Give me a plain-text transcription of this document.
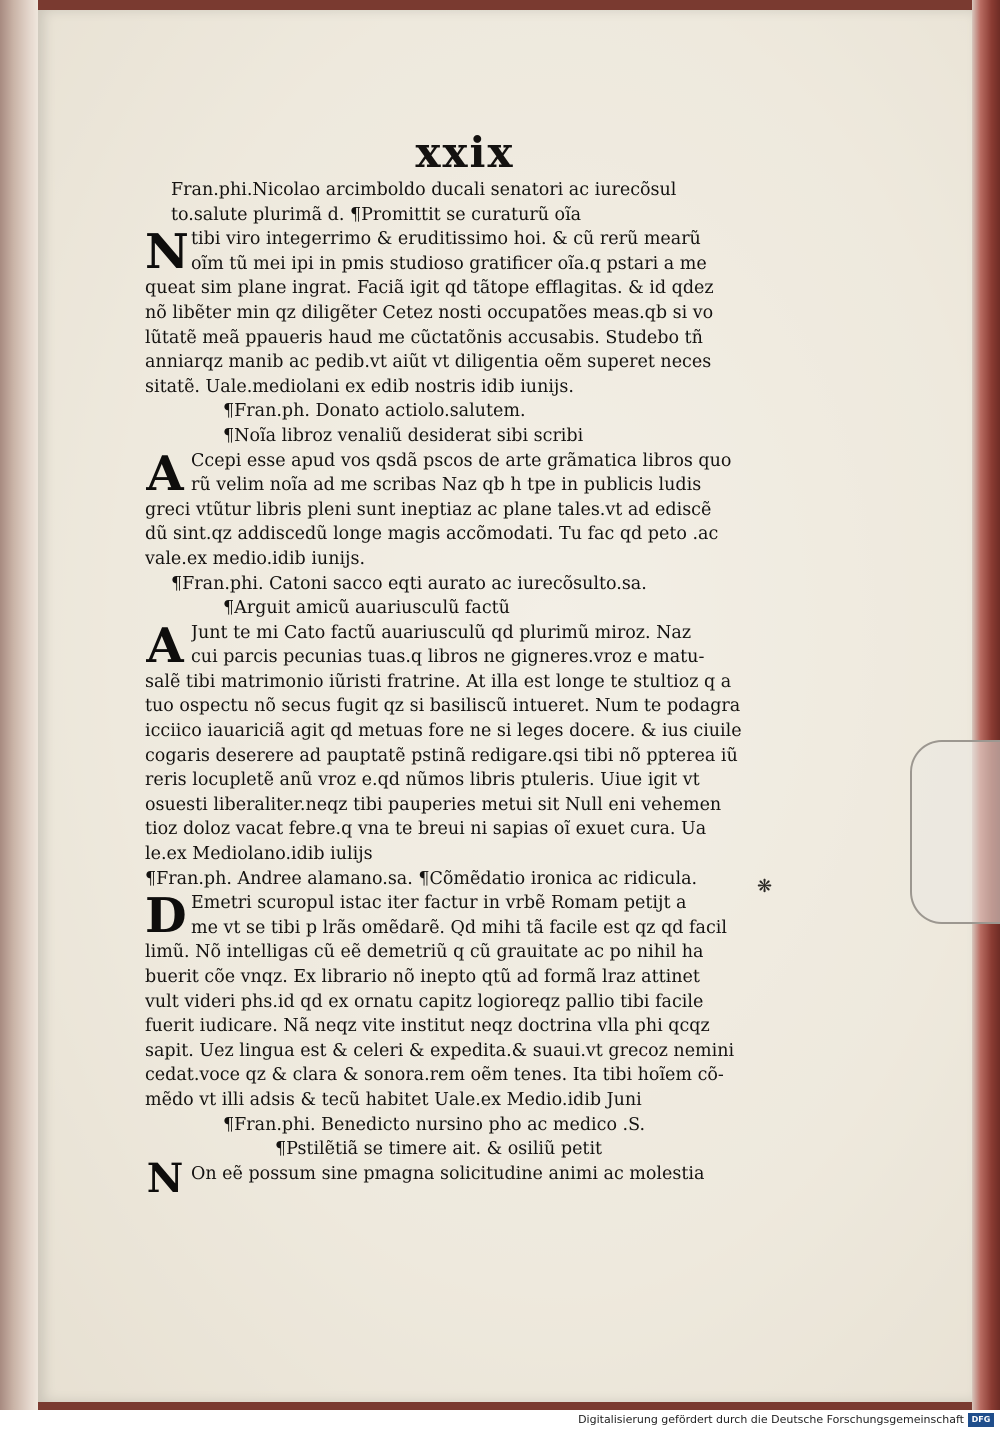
xxix
Fran.phi.Nicolao arcimboldo ducali senatori ac iurecõsul
to.salute plurimã d. ¶Promittit se curaturũ oĩa
N tibi viro integerrimo & eruditissimo hoi. & cũ rerũ mearũ
oĩm tũ mei ipi in pmis studioso gratificer oĩa.q pstari a me
queat sim plane ingrat. Faciã igit qd tãtope efflagitas. & id qdez
nõ libẽter min qz diligẽter Cetez nosti occupatões meas.qb si vo
lũtatẽ meã ppaueris haud me cũctatõnis accusabis. Studebo tñ
anniarqz manib ac pedib.vt aiũt vt diligentia oẽm superet neces
sitatẽ. Uale.mediolani ex edib nostris idib iunijs.
¶Fran.ph. Donato actiolo.salutem.
¶Noĩa libroz venaliũ desiderat sibi scribi
A Ccepi esse apud vos qsdã pscos de arte grãmatica libros quo
rũ velim noĩa ad me scribas Naz qb h tpe in publicis ludis
greci vtũtur libris pleni sunt ineptiaz ac plane tales.vt ad ediscẽ
dũ sint.qz addiscedũ longe magis accõmodati. Tu fac qd peto .ac
vale.ex medio.idib iunijs.
¶Fran.phi. Catoni sacco eqti aurato ac iurecõsulto.sa.
¶Arguit amicũ auariusculũ factũ
A Junt te mi Cato factũ auariusculũ qd plurimũ miroz. Naz
cui parcis pecunias tuas.q libros ne gigneres.vroz e matu-
salẽ tibi matrimonio iũristi fratrine. At illa est longe te stultioz q a
tuo ospectu nõ secus fugit qz si basiliscũ intueret. Num te podagra
icciico iauariciã agit qd metuas fore ne si leges docere. & ius ciuile
cogaris deserere ad pauptatẽ pstinã redigare.qsi tibi nõ ppterea iũ
reris locupletẽ anũ vroz e.qd nũmos libris ptuleris. Uiue igit vt
osuesti liberaliter.neqz tibi pauperies metui sit Null eni vehemen
tioz doloz vacat febre.q vna te breui ni sapias oĩ exuet cura. Ua
le.ex Mediolano.idib iulijs
¶Fran.ph. Andree alamano.sa. ¶Cõmẽdatio ironica ac ridicula.
D Emetri scuropul istac iter factur in vrbẽ Romam petijt a
me vt se tibi p lrãs omẽdarẽ. Qd mihi tã facile est qz qd facil
limũ. Nõ intelligas cũ eẽ demetriũ q cũ grauitate ac po nihil ha
buerit cõe vnqz. Ex librario nõ inepto qtũ ad formã lraz attinet
vult videri phs.id qd ex ornatu capitz logioreqz pallio tibi facile
fuerit iudicare. Nã neqz vite institut neqz doctrina vlla phi qcqz
sapit. Uez lingua est & celeri & expedita.& suaui.vt grecoz nemini
cedat.voce qz & clara & sonora.rem oẽm tenes. Ita tibi hoĩem cõ-
mẽdo vt illi adsis & tecũ habitet Uale.ex Medio.idib Juni
¶Fran.phi. Benedicto nursino pho ac medico .S.
¶Pstilẽtiã se timere ait. & osiliũ petit
N On eẽ possum sine pmagna solicitudine animi ac molestia
❋
Digitalisierung gefördert durch die Deutsche Forschungsgemeinschaft DFG
